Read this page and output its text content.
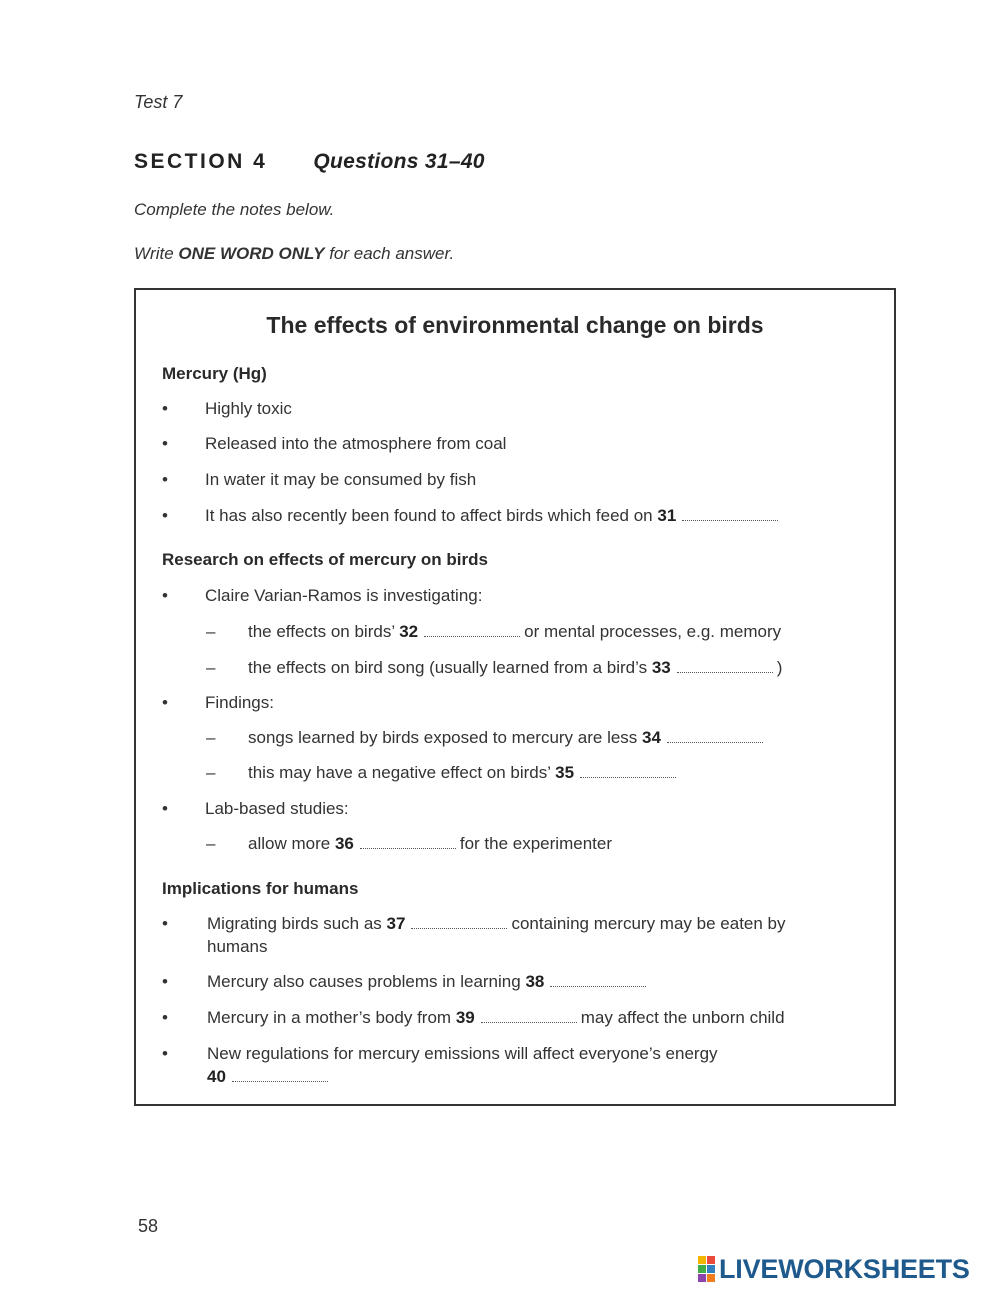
Test 7
SECTION 4 Questions 31–40
Complete the notes below.
Write ONE WORD ONLY for each answer.
The effects of environmental change on birds
Mercury (Hg)
• Highly toxic
• Released into the atmosphere from coal
• In water it may be consumed by fish
• It has also recently been found to affect birds which feed on 31
Research on effects of mercury on birds
• Claire Varian-Ramos is investigating:
– the effects on birds’ 32	or mental processes, e.g. memory
– the effects on bird song (usually learned from a bird’s 33	)
• Findings:
– songs learned by birds exposed to mercury are less 34
– this may have a negative effect on birds’ 35
• Lab-based studies:
– allow more 36	for the experimenter
Implications for humans
• Migrating birds such as 37	containing mercury may be eaten by
humans
• Mercury also causes problems in learning 38
• Mercury in a mother’s body from 39	may affect the unborn child
• New regulations for mercury emissions will affect everyone’s energy
40
58
LIVEWORKSHEETS
